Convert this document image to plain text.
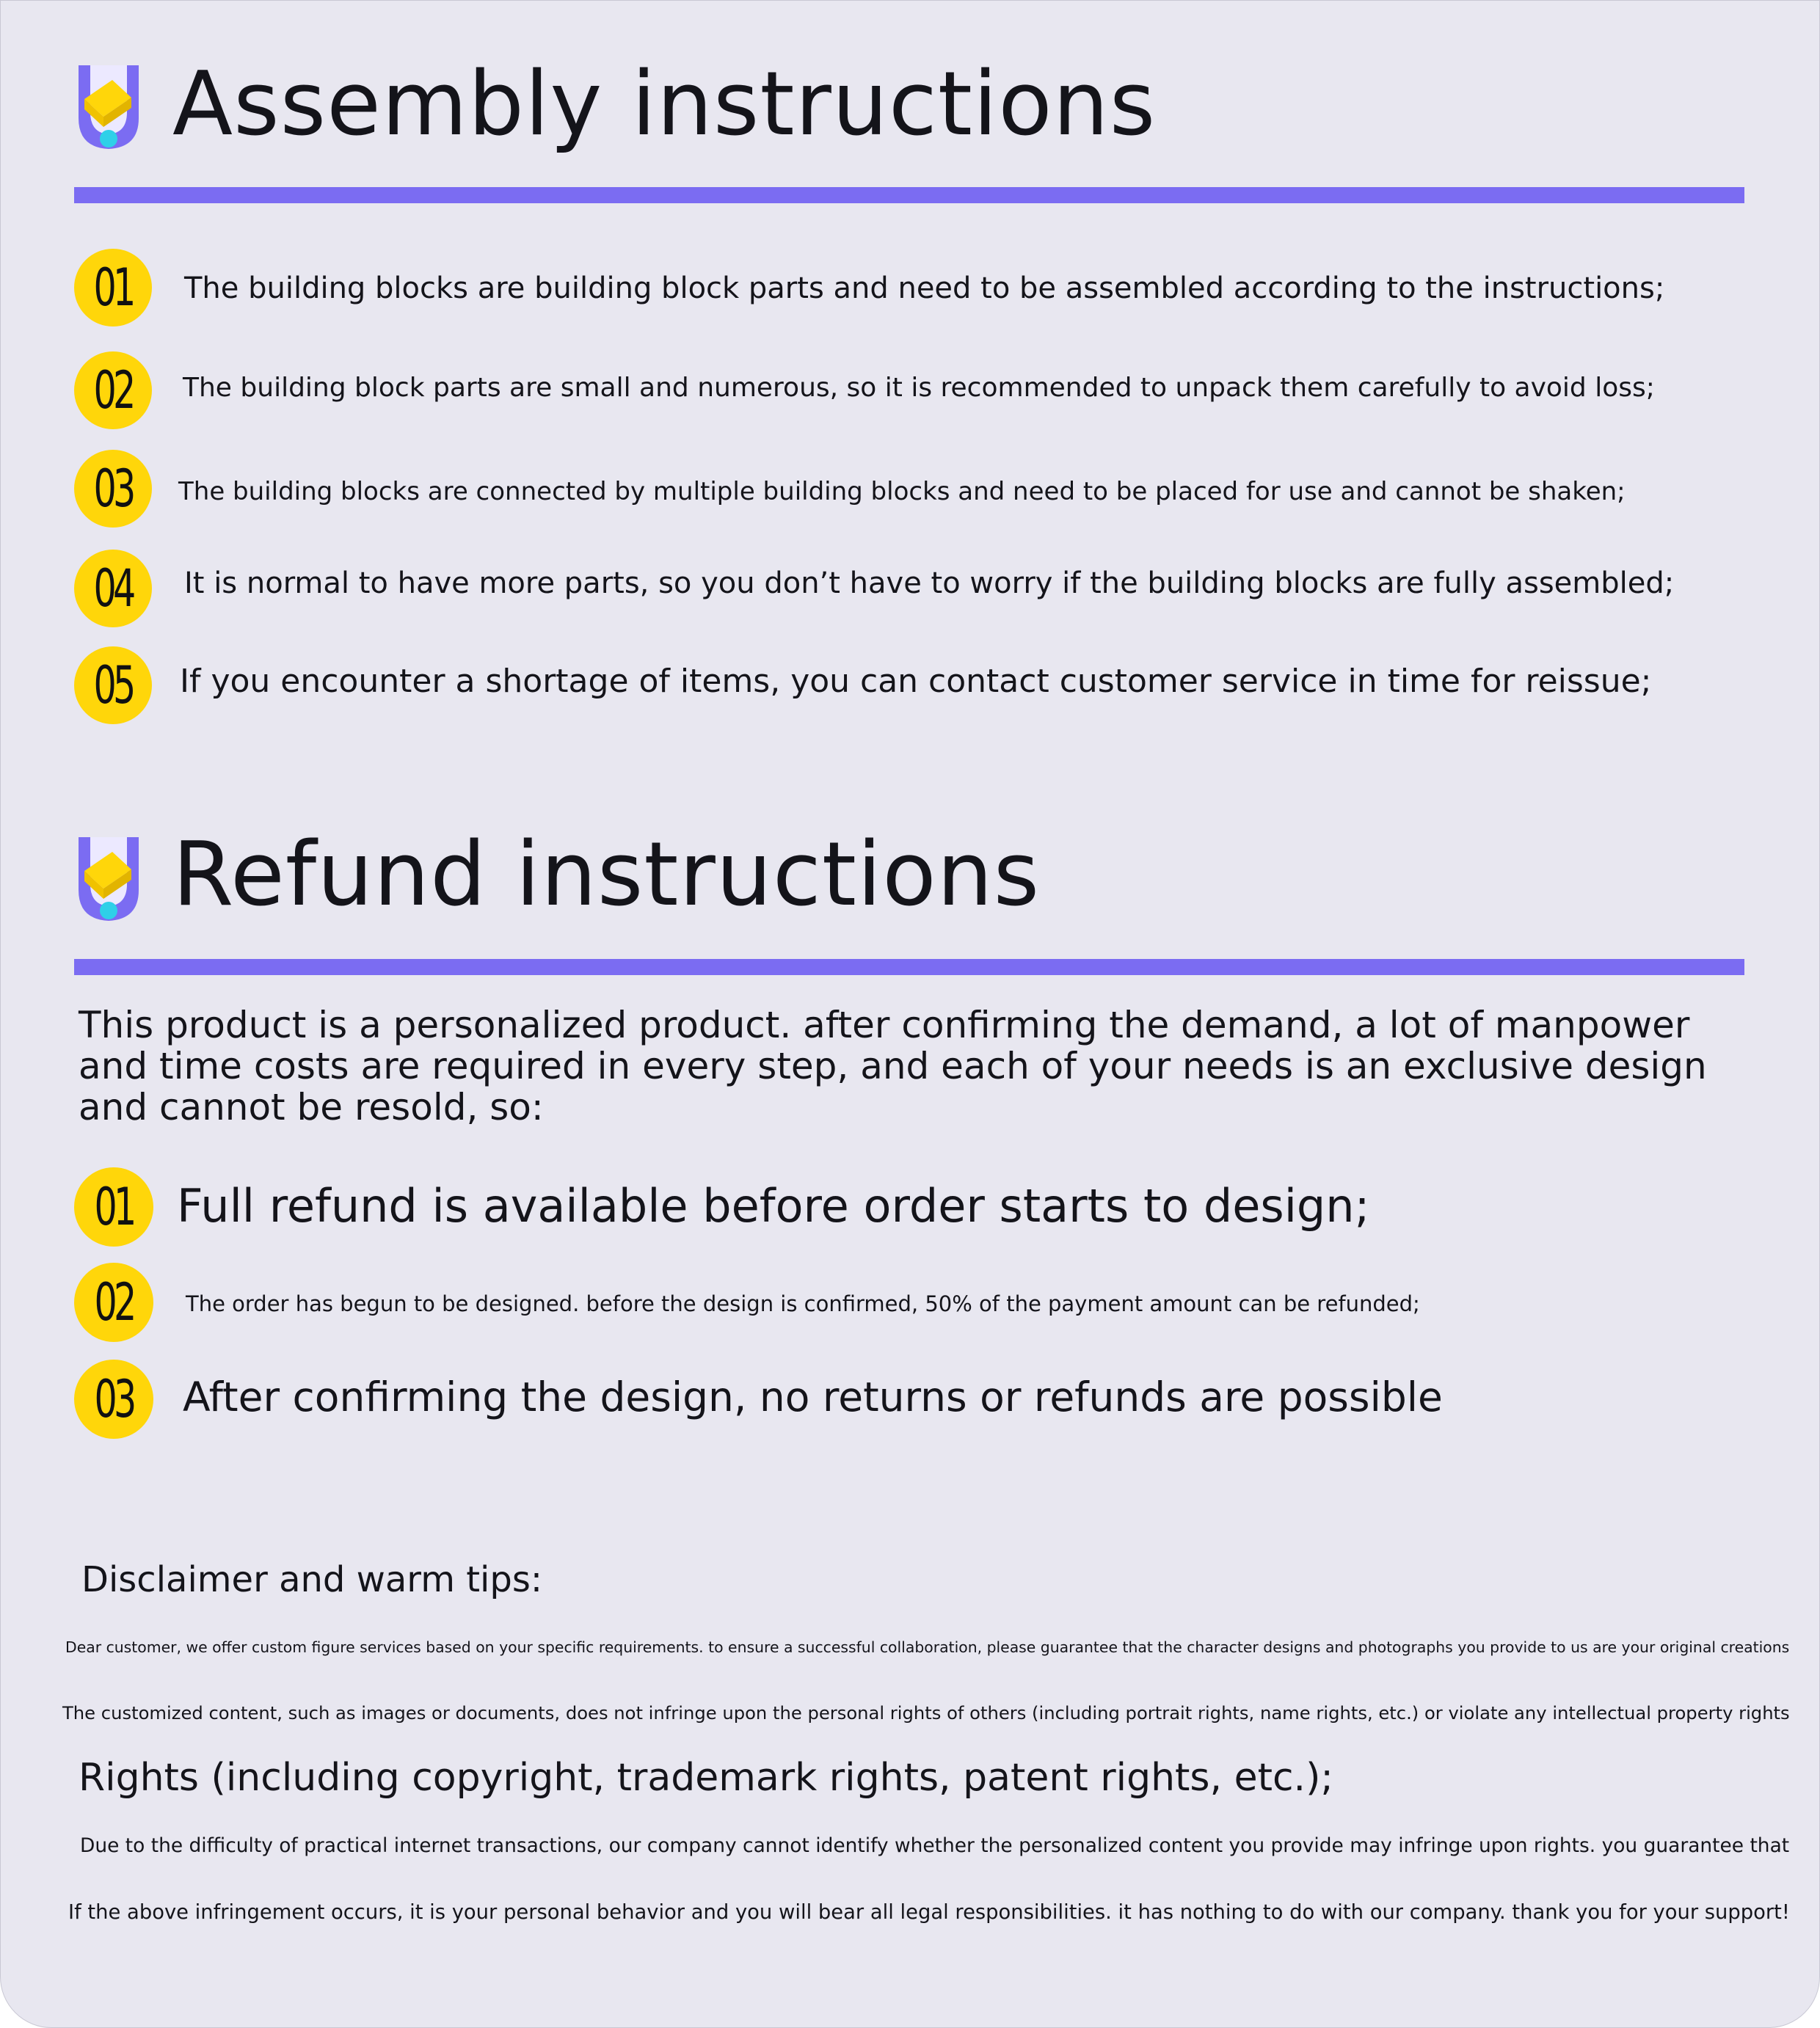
Assembly instructions
01 The building blocks are building block parts and need to be assembled according to the instructions;
02 The building block parts are small and numerous, so it is recommended to unpack them carefully to avoid loss;
03 The building blocks are connected by multiple building blocks and need to be placed for use and cannot be shaken;
04 It is normal to have more parts, so you don’t have to worry if the building blocks are fully assembled;
05 If you encounter a shortage of items, you can contact customer service in time for reissue;
Refund instructions
This product is a personalized product. after confirming the demand, a lot of manpower and time costs are required in every step, and each of your needs is an exclusive design and cannot be resold, so:
01 Full refund is available before order starts to design;
02 The order has begun to be designed. before the design is confirmed, 50% of the payment amount can be refunded;
03 After confirming the design, no returns or refunds are possible
Disclaimer and warm tips:
Dear customer, we offer custom figure services based on your specific requirements. to ensure a successful collaboration, please guarantee that the character designs and photographs you provide to us are your original creations
The customized content, such as images or documents, does not infringe upon the personal rights of others (including portrait rights, name rights, etc.) or violate any intellectual property rights
Rights (including copyright, trademark rights, patent rights, etc.);
Due to the difficulty of practical internet transactions, our company cannot identify whether the personalized content you provide may infringe upon rights. you guarantee that
If the above infringement occurs, it is your personal behavior and you will bear all legal responsibilities. it has nothing to do with our company. thank you for your support!
